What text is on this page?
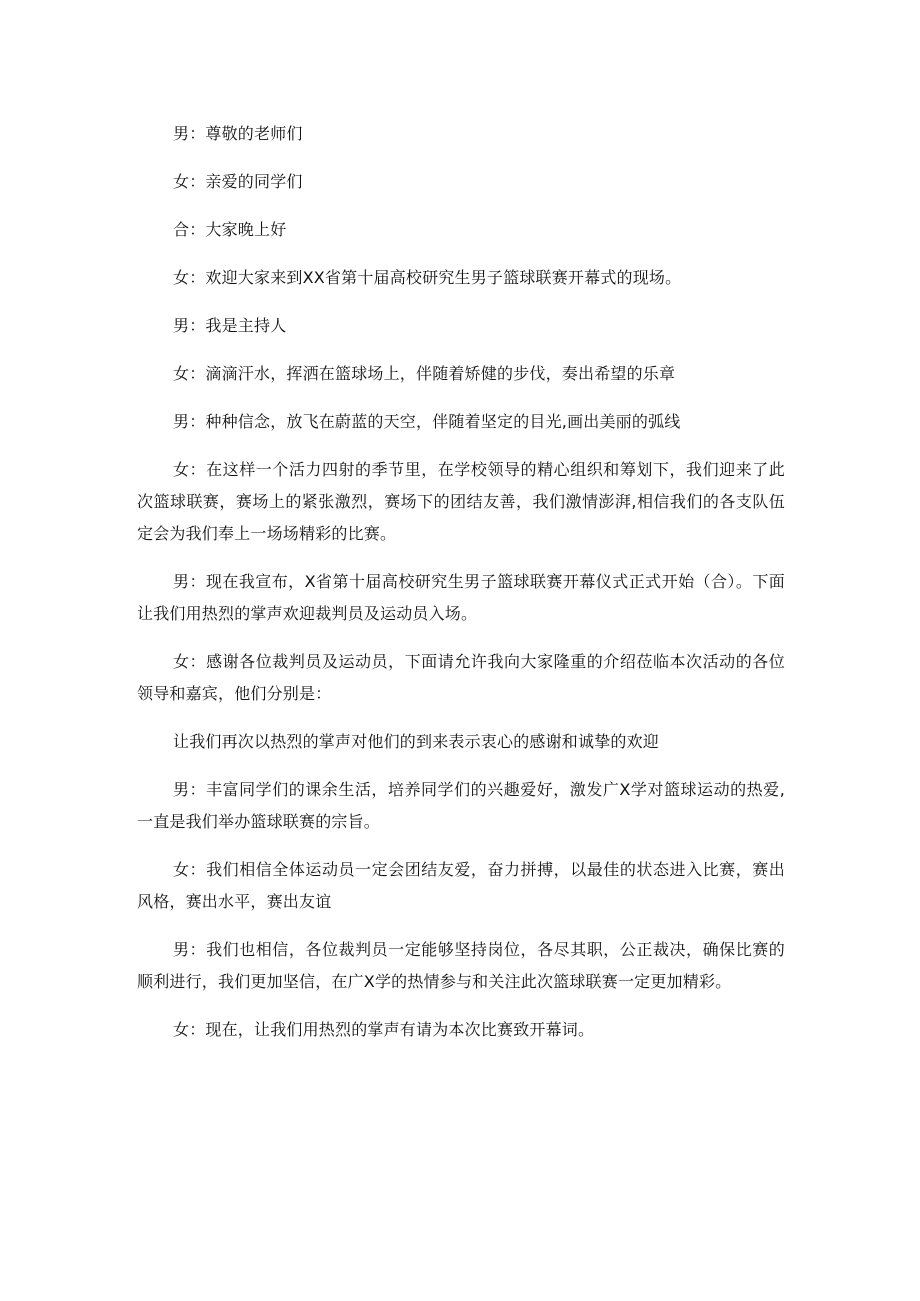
男：尊敬的老师们

女：亲爱的同学们

合：大家晚上好

女：欢迎大家来到XX省第十届高校研究生男子篮球联赛开幕式的现场。

男：我是主持人

女：滴滴汗水，挥洒在篮球场上，伴随着矫健的步伐，奏出希望的乐章

男：种种信念，放飞在蔚蓝的天空，伴随着坚定的目光,画出美丽的弧线

女：在这样一个活力四射的季节里，在学校领导的精心组织和筹划下，我们迎来了此次篮球联赛，赛场上的紧张激烈，赛场下的团结友善，我们激情澎湃,相信我们的各支队伍定会为我们奉上一场场精彩的比赛。

男：现在我宣布，X省第十届高校研究生男子篮球联赛开幕仪式正式开始（合）。下面让我们用热烈的掌声欢迎裁判员及运动员入场。

女：感谢各位裁判员及运动员，下面请允许我向大家隆重的介绍莅临本次活动的各位领导和嘉宾，他们分别是：

让我们再次以热烈的掌声对他们的到来表示衷心的感谢和诚挚的欢迎

男：丰富同学们的课余生活，培养同学们的兴趣爱好，激发广X学对篮球运动的热爱,一直是我们举办篮球联赛的宗旨。

女：我们相信全体运动员一定会团结友爱，奋力拼搏，以最佳的状态进入比赛，赛出风格，赛出水平，赛出友谊

男：我们也相信，各位裁判员一定能够坚持岗位，各尽其职，公正裁决，确保比赛的顺利进行，我们更加坚信，在广X学的热情参与和关注此次篮球联赛一定更加精彩。

女：现在，让我们用热烈的掌声有请为本次比赛致开幕词。
